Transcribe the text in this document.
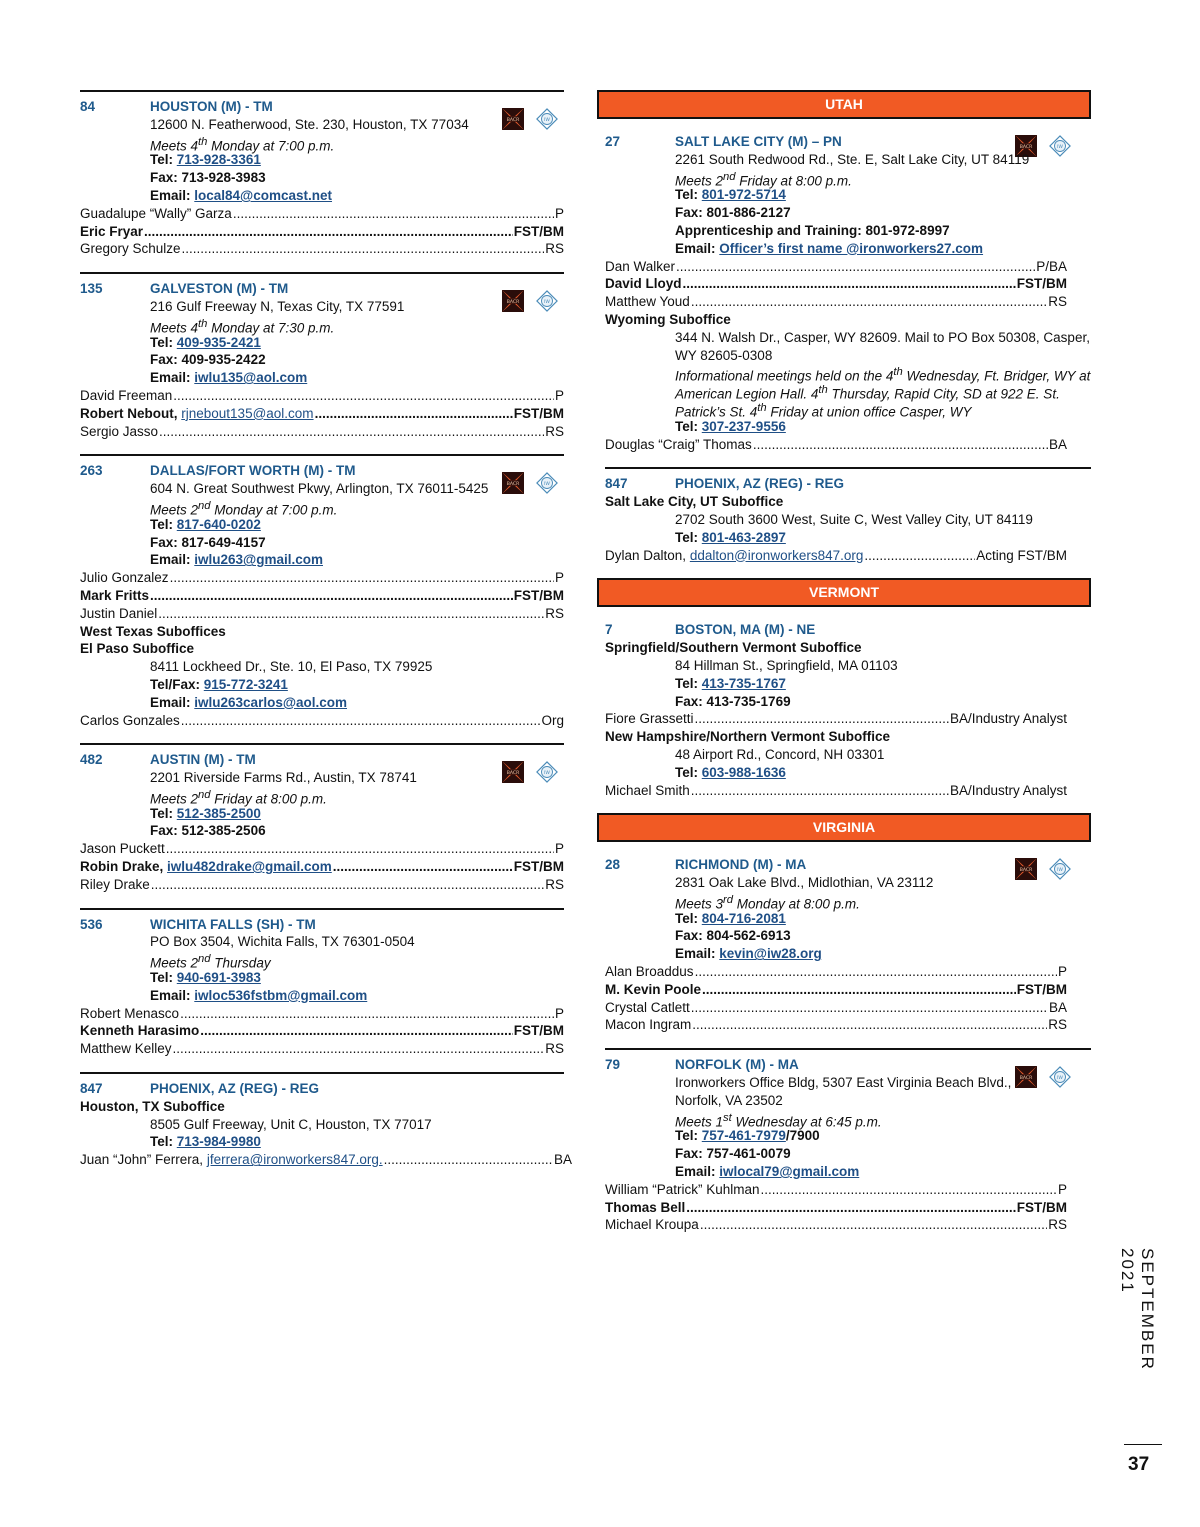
84	HOUSTON (M) - TM
12600 N. Featherwood, Ste. 230, Houston, TX 77034
Meets 4th Monday at 7:00 p.m.
Tel: 713-928-3361
Fax: 713-928-3983
Email: local84@comcast.net
Guadalupe “Wally” Garza .....	P
Eric Fryar .....	FST/BM
Gregory Schulze .....	RS
135	GALVESTON (M) - TM
216 Gulf Freeway N, Texas City, TX 77591
Meets 4th Monday at 7:30 p.m.
Tel: 409-935-2421
Fax: 409-935-2422
Email: iwlu135@aol.com
David Freeman .....	P
Robert Nebout,
rjnebout135@aol.com .....	FST/BM
Sergio Jasso .....	RS
263	DALLAS/FORT WORTH (M) - TM
604 N. Great Southwest Pkwy, Arlington, TX 76011-5425
Meets 2nd Monday at 7:00 p.m.
Tel: 817-640-0202
Fax: 817-649-4157
Email: iwlu263@gmail.com
Julio Gonzalez .....	P
Mark Fritts .....	FST/BM
Justin Daniel .....	RS
West Texas Suboffices
El Paso Suboffice
8411 Lockheed Dr., Ste. 10, El Paso, TX 79925
Tel/Fax: 915-772-3241
Email: iwlu263carlos@aol.com
Carlos Gonzales .....	Org
482	AUSTIN (M) - TM
2201 Riverside Farms Rd., Austin, TX 78741
Meets 2nd Friday at 8:00 p.m.
Tel: 512-385-2500
Fax: 512-385-2506
Jason Puckett .....	P
Robin Drake,
iwlu482drake@gmail.com .....	FST/BM
Riley Drake .....	RS
536	WICHITA FALLS (SH) - TM
PO Box 3504, Wichita Falls, TX 76301-0504
Meets 2nd Thursday
Tel: 940-691-3983
Email: iwloc536fstbm@gmail.com
Robert Menasco .....	P
Kenneth Harasimo .....	FST/BM
Matthew Kelley .....	RS
847	PHOENIX, AZ (REG) - REG
Houston, TX Suboffice
8505 Gulf Freeway, Unit C, Houston, TX 77017
Tel: 713-984-9980
Juan “John” Ferrera,
jferrera@ironworkers847.org. .....	BA
UTAH
27	SALT LAKE CITY (M) – PN
2261 South Redwood Rd., Ste. E, Salt Lake City, UT 84119
Meets 2nd Friday at 8:00 p.m.
Tel: 801-972-5714
Fax: 801-886-2127
Apprenticeship and Training: 801-972-8997
Email: Officer’s first name @ironworkers27.com
Dan Walker .....	P/BA
David Lloyd .....	FST/BM
Matthew Youd .....	RS
Wyoming Suboffice
344 N. Walsh Dr., Casper, WY 82609. Mail to PO Box 50308, Casper,
WY 82605-0308
Informational meetings held on the 4th Wednesday, Ft. Bridger, WY at
American Legion Hall. 4th Thursday, Rapid City, SD at 922 E. St.
Patrick’s St. 4th Friday at union office Casper, WY
Tel: 307-237-9556
Douglas “Craig” Thomas .....	BA
847	PHOENIX, AZ (REG) - REG
Salt Lake City, UT Suboffice
2702 South 3600 West, Suite C, West Valley City, UT 84119
Tel: 801-463-2897
Dylan Dalton,
ddalton@ironworkers847.org .....	Acting FST/BM
VERMONT
7	BOSTON, MA (M) - NE
Springfield/Southern Vermont Suboffice
84 Hillman St., Springfield, MA 01103
Tel: 413-735-1767
Fax: 413-735-1769
Fiore Grassetti .....	BA/Industry Analyst
New Hampshire/Northern Vermont Suboffice
48 Airport Rd., Concord, NH 03301
Tel: 603-988-1636
Michael Smith .....	BA/Industry Analyst
VIRGINIA
28	RICHMOND (M) - MA
2831 Oak Lake Blvd., Midlothian, VA 23112
Meets 3rd Monday at 8:00 p.m.
Tel: 804-716-2081
Fax: 804-562-6913
Email: kevin@iw28.org
Alan Broaddus .....	P
M. Kevin Poole .....	FST/BM
Crystal Catlett .....	BA
Macon Ingram .....	RS
79	NORFOLK (M) - MA
Ironworkers Office Bldg, 5307 East Virginia Beach Blvd.,
Norfolk, VA 23502
Meets 1st Wednesday at 6:45 p.m.
Tel: 757-461-7979/7900
Fax: 757-461-0079
Email: iwlocal79@gmail.com
William “Patrick” Kuhlman .....	P
Thomas Bell .....	FST/BM
Michael Kroupa .....	RS
SEPTEMBER 2021
37
